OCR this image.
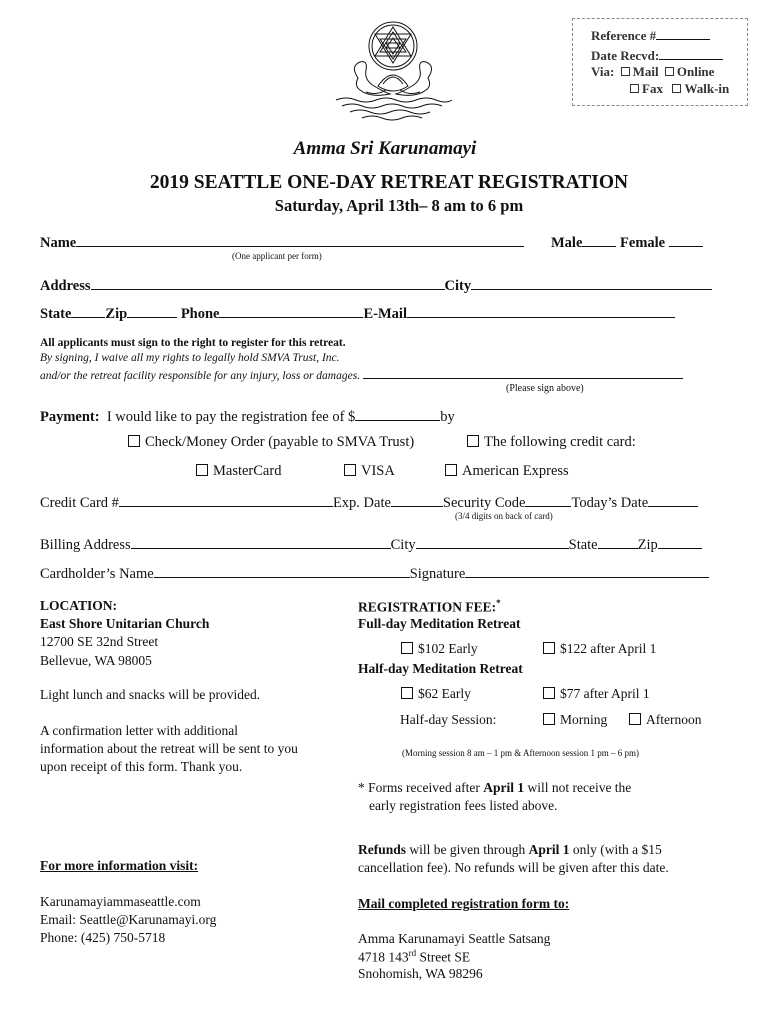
Reference #
Date Recvd:
Via: Mail Online
Fax Walk-in
Amma Sri Karunamayi
2019 SEATTLE ONE-DAY RETREAT REGISTRATION
Saturday, April 13th– 8 am to 6 pm
Name
(One applicant per form)
Male	Female
Address	City
State Zip	Phone	E-Mail
All applicants must sign to the right to register for this retreat.
By signing, I waive all my rights to legally hold SMVA Trust, Inc.
and/or the retreat facility responsible for any injury, loss or damages.
(Please sign above)
Payment: I would like to pay the registration fee of $	by
Check/Money Order (payable to SMVA Trust)	The following credit card:
MasterCard	VISA	American Express
Credit Card #	Exp. Date	Security Code	Today’s Date
(3/4 digits on back of card)
Billing Address	City	State	Zip
Cardholder’s Name	Signature
LOCATION:
East Shore Unitarian Church
12700 SE 32nd Street
Bellevue, WA 98005
Light lunch and snacks will be provided.
A confirmation letter with additional
information about the retreat will be sent to you
upon receipt of this form. Thank you.
REGISTRATION FEE:*
Full-day Meditation Retreat
$102 Early	$122 after April 1
Half-day Meditation Retreat
$62 Early	$77 after April 1
Half-day Session:	Morning	Afternoon
(Morning session 8 am – 1 pm & Afternoon session 1 pm – 6 pm)
* Forms received after April 1 will not receive the
early registration fees listed above.
Refunds will be given through April 1 only (with a $15
cancellation fee). No refunds will be given after this date.
For more information visit:
Karunamayiammaseattle.com
Email: Seattle@Karunamayi.org
Phone: (425) 750-5718
Mail completed registration form to:
Amma Karunamayi Seattle Satsang
4718 143rd Street SE
Snohomish, WA 98296
